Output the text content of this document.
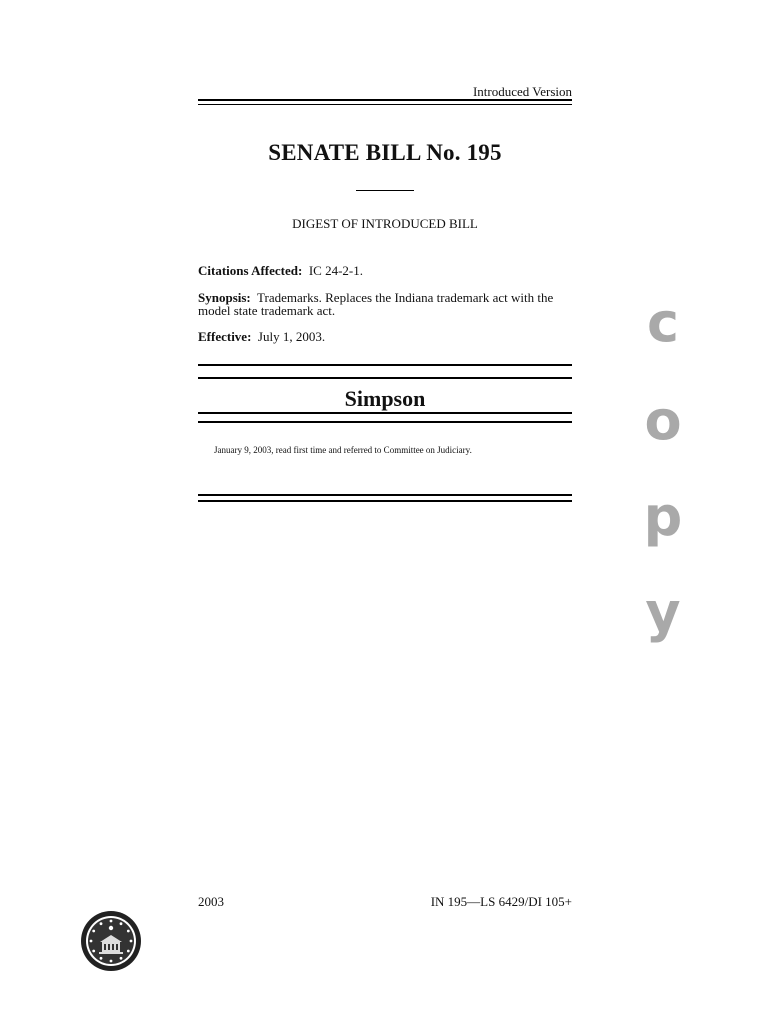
Introduced Version
SENATE BILL No. 195
DIGEST OF INTRODUCED BILL
Citations Affected: IC 24-2-1.
Synopsis: Trademarks. Replaces the Indiana trademark act with the model state trademark act.
Effective: July 1, 2003.
Simpson
January 9, 2003, read first time and referred to Committee on Judiciary.
c
o
p
y
2003	IN 195—LS 6429/DI 105+
